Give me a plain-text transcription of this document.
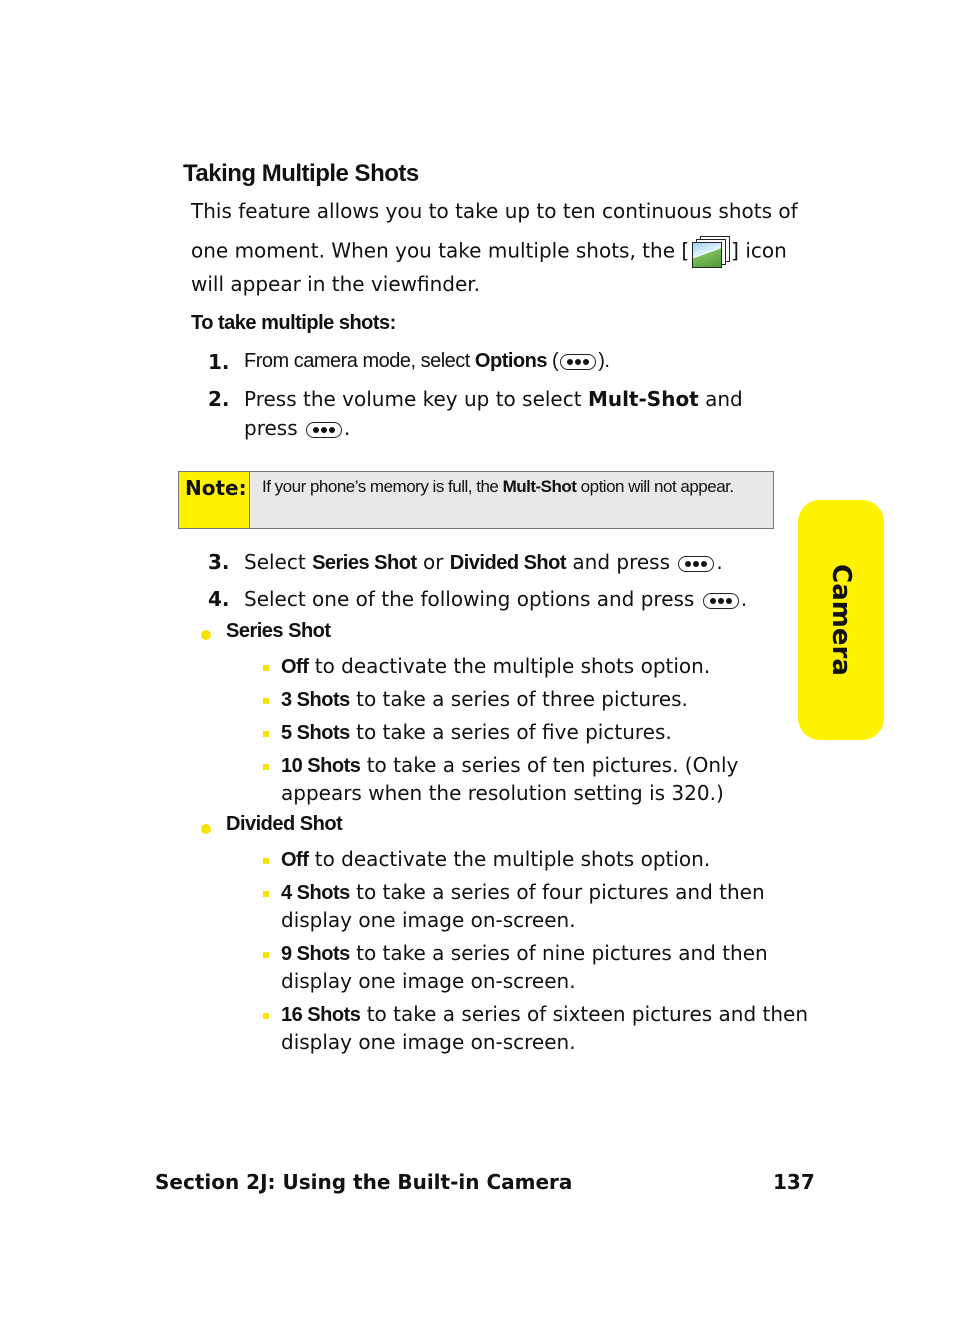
Taking Multiple Shots
This feature allows you to take up to ten continuous shots of
one moment. When you take multiple shots, the [ ] icon
will appear in the viewfinder.
To take multiple shots:
1. From camera mode, select Options ( ).
2. Press the volume key up to select Mult-Shot and
press .
Note: If your phone’s memory is full, the Mult-Shot option will not appear.
3. Select Series Shot or Divided Shot and press .
4. Select one of the following options and press .
Series Shot
Off to deactivate the multiple shots option.
3 Shots to take a series of three pictures.
5 Shots to take a series of five pictures.
10 Shots to take a series of ten pictures. (Only
appears when the resolution setting is 320.)
Divided Shot
Off to deactivate the multiple shots option.
4 Shots to take a series of four pictures and then
display one image on-screen.
9 Shots to take a series of nine pictures and then
display one image on-screen.
16 Shots to take a series of sixteen pictures and then
display one image on-screen.
Camera
Section 2J: Using the Built-in Camera	137
